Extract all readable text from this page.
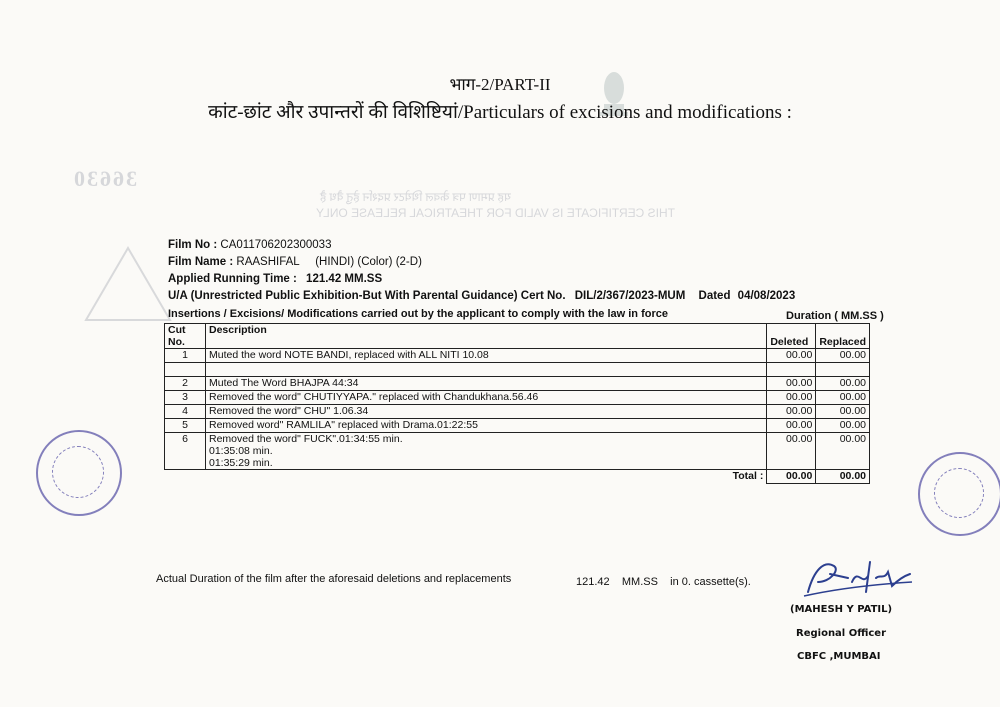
36630
यह प्रमाण पत्र केवल थियेटर प्रदर्शन हेतु वैध है
THIS CERTIFICATE IS VALID FOR THEATRICAL RELEASE ONLY
भाग-2/PART-II
कांट-छांट और उपान्तरों की विशिष्टियां/Particulars of excisions and modifications :
Film No : CA011706202300033
Film Name : RAASHIFAL     (HINDI) (Color) (2-D)
Applied Running Time : 121.42 MM.SS
U/A (Unrestricted Public Exhibition-But With Parental Guidance) Cert No. DIL/2/367/2023-MUM Dated 04/08/2023
Insertions / Excisions/ Modifications carried out by the applicant to comply with the law in force	Duration ( MM.SS )
Cut No.	Description	Deleted	Replaced
1	Muted the word NOTE BANDI, replaced with ALL NITI 10.08	00.00	00.00

2	Muted The Word BHAJPA 44:34	00.00	00.00
3	Removed the word" CHUTIYYAPA." replaced with Chandukhana.56.46	00.00	00.00
4	Removed the word" CHU" 1.06.34	00.00	00.00
5	Removed word" RAMLILA" replaced with Drama.01:22:55	00.00	00.00
6	Removed the word" FUCK".01:34:55 min.
01:35:08 min.
01:35:29 min.	00.00	00.00
	Total :	00.00	00.00
Actual Duration of the film after the aforesaid deletions and replacements	121.42    MM.SS    in 0. cassette(s).
(MAHESH Y PATIL)
Regional Officer
CBFC ,MUMBAI
